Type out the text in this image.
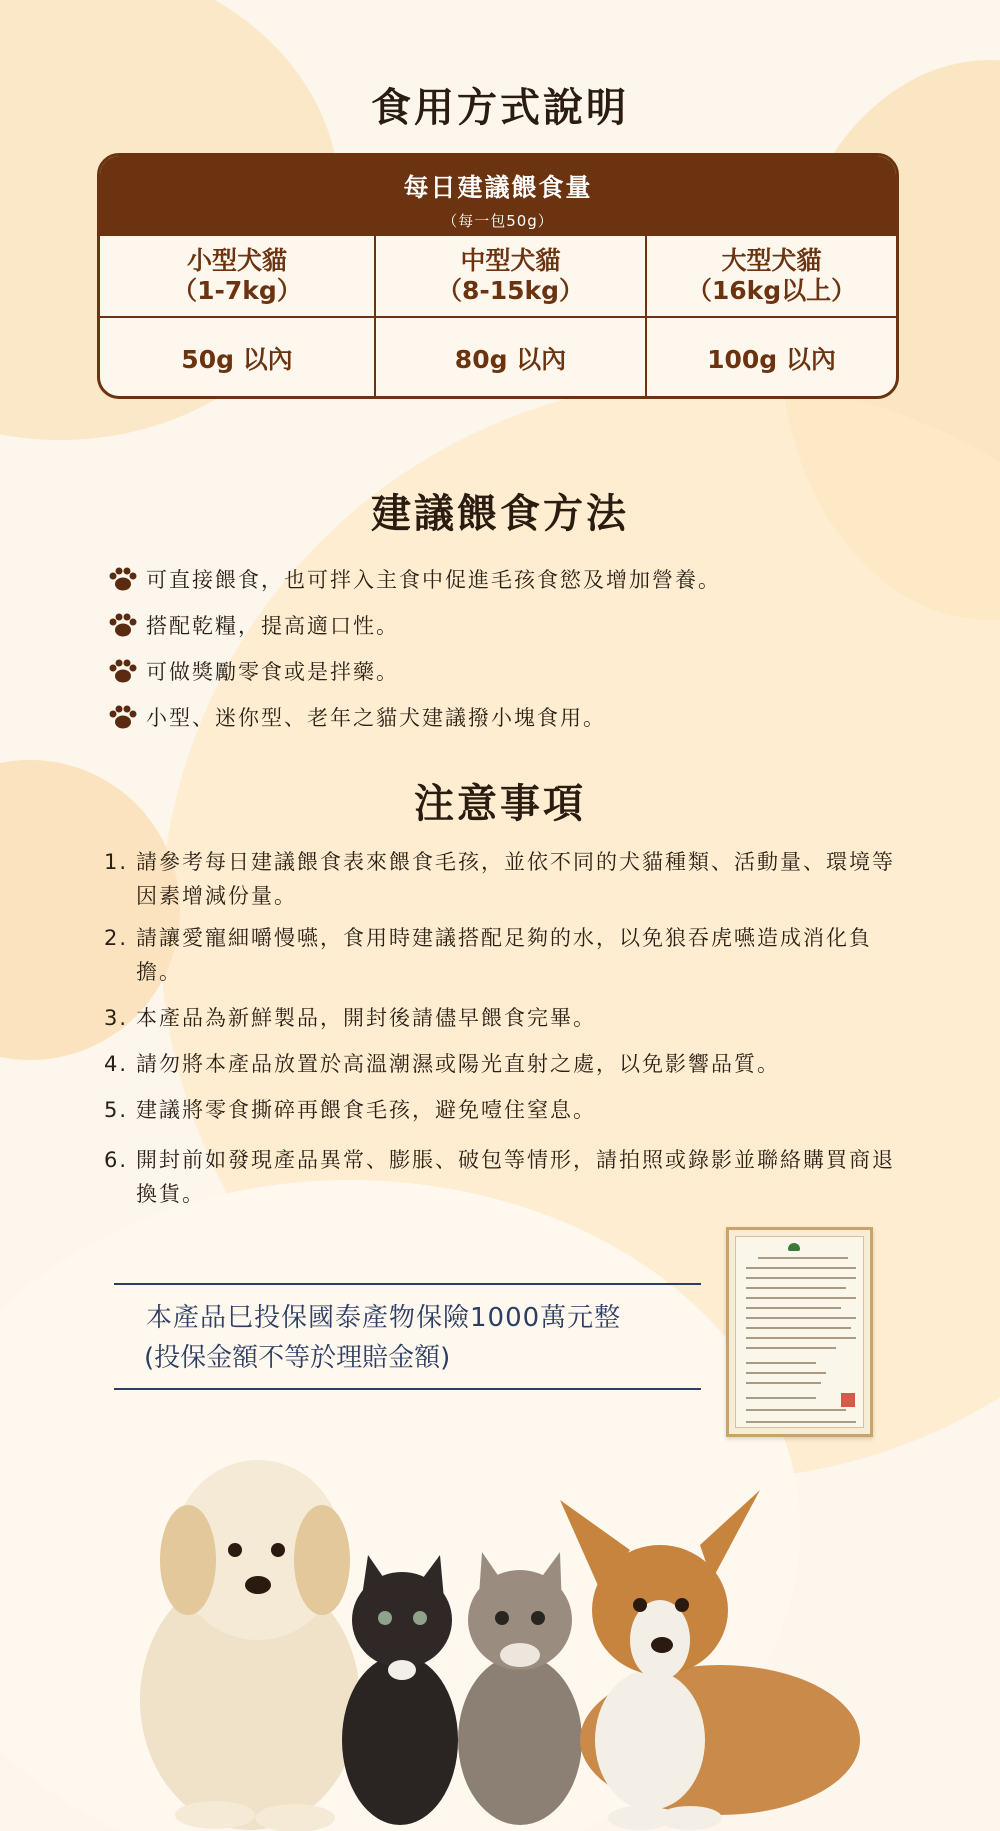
食用方式說明
每日建議餵食量
（每一包50g）
小型犬貓
（1-7kg）
中型犬貓
（8-15kg）
大型犬貓
（16kg以上）
50g 以內	80g 以內	100g 以內
建議餵食方法
可直接餵食，也可拌入主食中促進毛孩食慾及增加營養。
搭配乾糧，提高適口性。
可做獎勵零食或是拌藥。
小型、迷你型、老年之貓犬建議撥小塊食用。
注意事項
1. 請參考每日建議餵食表來餵食毛孩，並依不同的犬貓種類、活動量、環境等因素增減份量。
2. 請讓愛寵細嚼慢嚥，食用時建議搭配足夠的水，以免狼吞虎嚥造成消化負擔。
3. 本產品為新鮮製品，開封後請儘早餵食完畢。
4. 請勿將本產品放置於高溫潮濕或陽光直射之處，以免影響品質。
5. 建議將零食撕碎再餵食毛孩，避免噎住窒息。
6. 開封前如發現產品異常、膨脹、破包等情形，請拍照或錄影並聯絡購買商退換貨。
本產品巳投保國泰產物保險1000萬元整
(投保金額不等於理賠金額)
